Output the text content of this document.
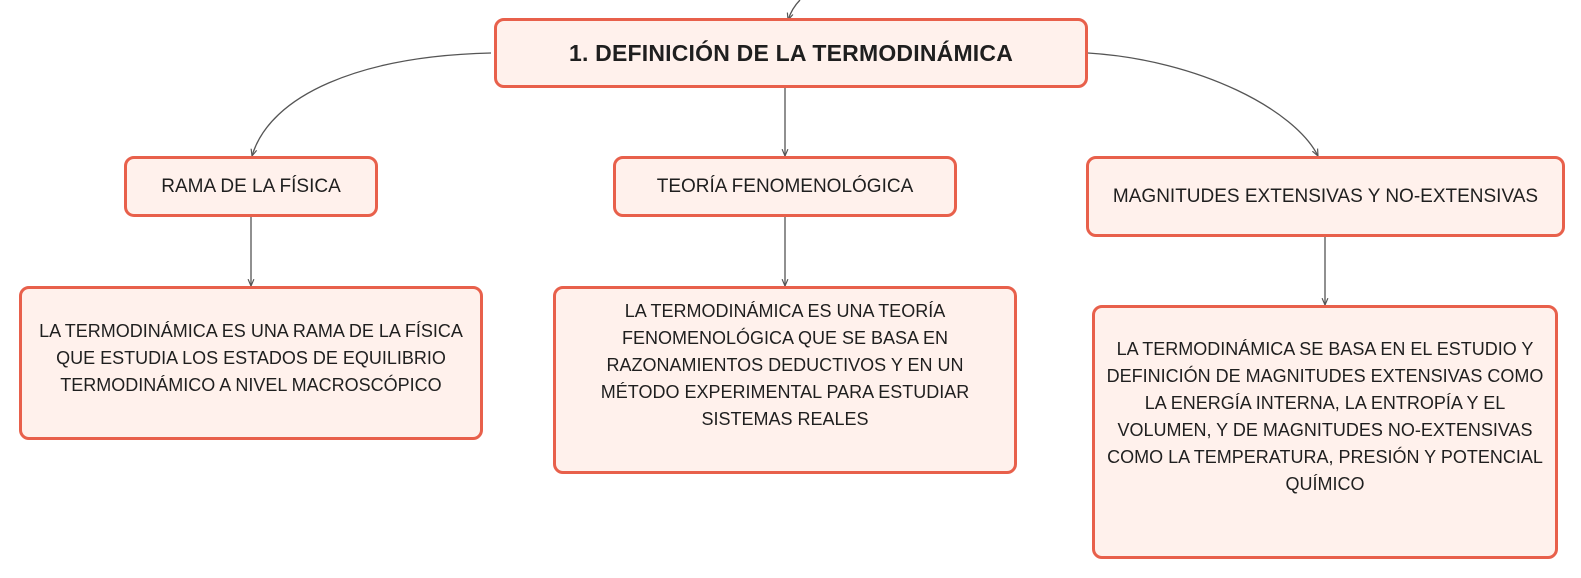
1. DEFINICIÓN DE LA TERMODINÁMICA
RAMA DE LA FÍSICA	TEORÍA FENOMENOLÓGICA	MAGNITUDES EXTENSIVAS Y NO-EXTENSIVAS
LA TERMODINÁMICA ES UNA RAMA DE LA FÍSICA QUE ESTUDIA LOS ESTADOS DE EQUILIBRIO TERMODINÁMICO A NIVEL MACROSCÓPICO
LA TERMODINÁMICA ES UNA TEORÍA FENOMENOLÓGICA QUE SE BASA EN RAZONAMIENTOS DEDUCTIVOS Y EN UN MÉTODO EXPERIMENTAL PARA ESTUDIAR SISTEMAS REALES
LA TERMODINÁMICA SE BASA EN EL ESTUDIO Y DEFINICIÓN DE MAGNITUDES EXTENSIVAS COMO LA ENERGÍA INTERNA, LA ENTROPÍA Y EL VOLUMEN, Y DE MAGNITUDES NO-EXTENSIVAS COMO LA TEMPERATURA, PRESIÓN Y POTENCIAL QUÍMICO
